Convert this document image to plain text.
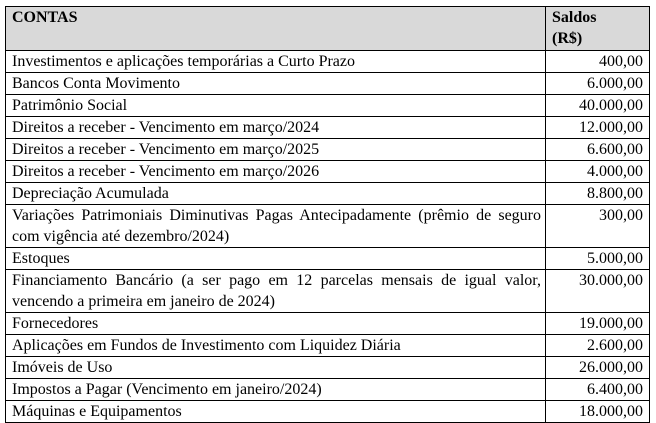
CONTAS	Saldos
(R$)
Investimentos e aplicações temporárias a Curto Prazo	400,00
Bancos Conta Movimento	6.000,00
Patrimônio Social	40.000,00
Direitos a receber - Vencimento em março/2024	12.000,00
Direitos a receber - Vencimento em março/2025	6.600,00
Direitos a receber - Vencimento em março/2026	4.000,00
Depreciação Acumulada	8.800,00
Variações Patrimoniais Diminutivas Pagas Antecipadamente (prêmio de seguro com vigência até dezembro/2024)	300,00
Estoques	5.000,00
Financiamento Bancário (a ser pago em 12 parcelas mensais de igual valor, vencendo a primeira em janeiro de 2024)	30.000,00
Fornecedores	19.000,00
Aplicações em Fundos de Investimento com Liquidez Diária	2.600,00
Imóveis de Uso	26.000,00
Impostos a Pagar (Vencimento em janeiro/2024)	6.400,00
Máquinas e Equipamentos	18.000,00
